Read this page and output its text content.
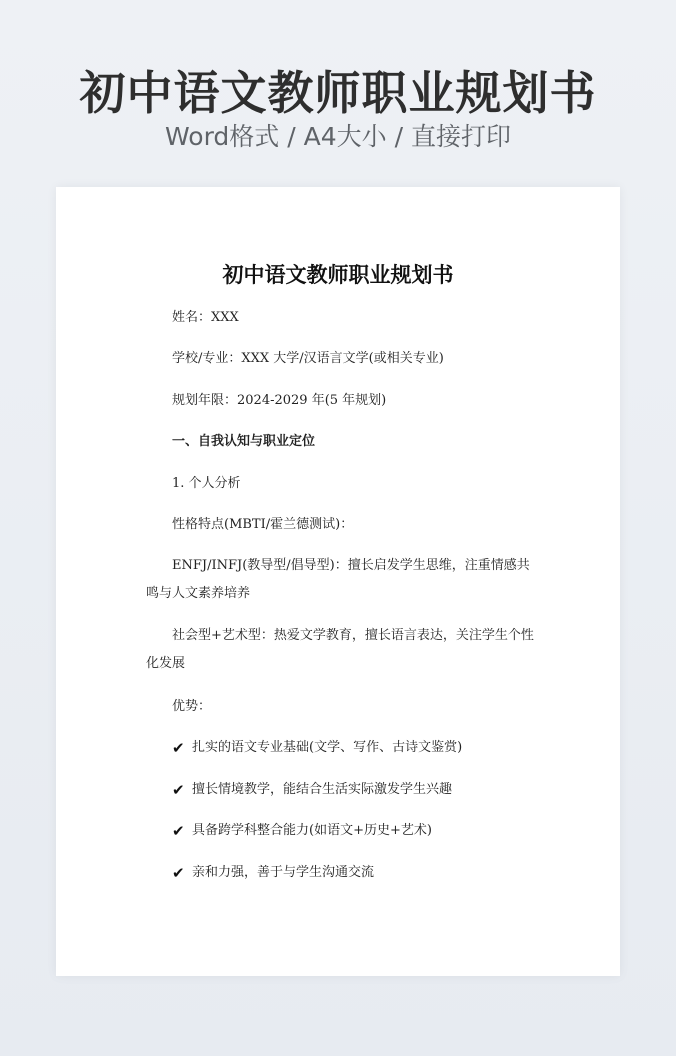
初中语文教师职业规划书
Word格式 / A4大小 / 直接打印
初中语文教师职业规划书
姓名：XXX
学校/专业：XXX 大学/汉语言文学(或相关专业)
规划年限：2024-2029 年(5 年规划)
一、自我认知与职业定位
1. 个人分析
性格特点(MBTI/霍兰德测试)：
ENFJ/INFJ(教导型/倡导型)：擅长启发学生思维，注重情感共鸣与人文素养培养
社会型+艺术型：热爱文学教育，擅长语言表达，关注学生个性化发展
优势：
✔ 扎实的语文专业基础(文学、写作、古诗文鉴赏)
✔ 擅长情境教学，能结合生活实际激发学生兴趣
✔ 具备跨学科整合能力(如语文+历史+艺术)
✔ 亲和力强，善于与学生沟通交流
